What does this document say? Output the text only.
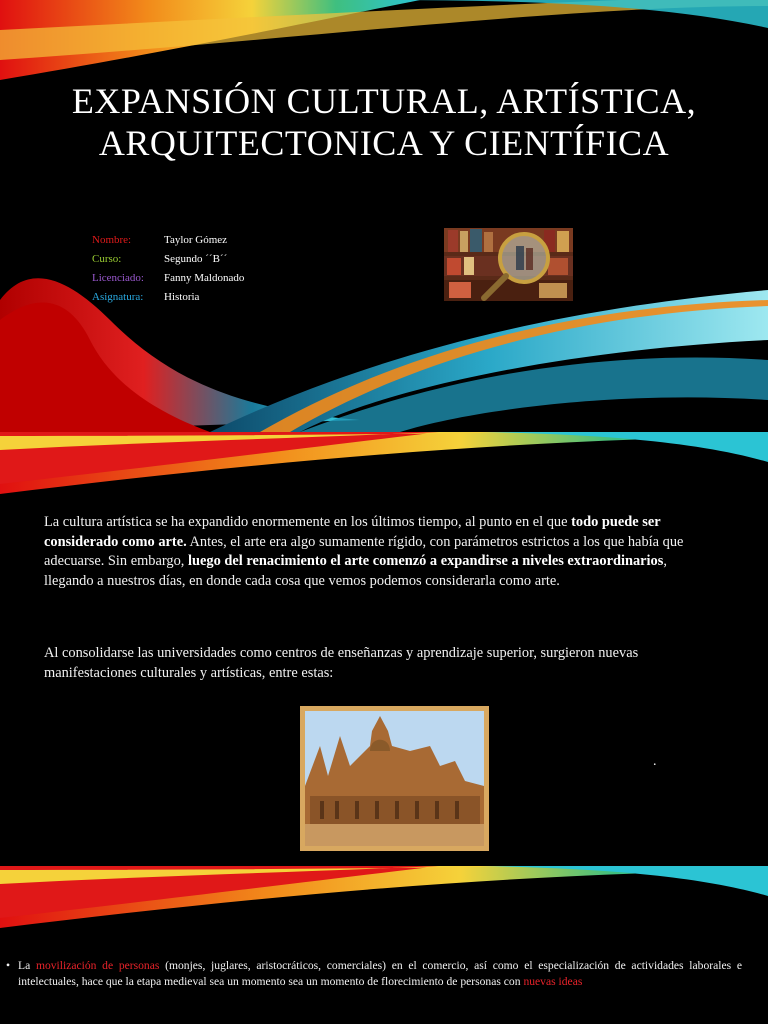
EXPANSIÓN CULTURAL, ARTÍSTICA, ARQUITECTONICA Y CIENTÍFICA
Nombre:	Taylor Gómez
Curso:	Segundo ´´B´´
Licenciado:	Fanny Maldonado
Asignatura:	Historia
La cultura artística se ha expandido enormemente en los últimos tiempo, al punto en el que todo puede ser considerado como arte. Antes, el arte era algo sumamente rígido, con parámetros estrictos a los que había que adecuarse. Sin embargo, luego del renacimiento el arte comenzó a expandirse a niveles extraordinarios, llegando a nuestros días, en donde cada cosa que vemos podemos considerarla como arte.
Al consolidarse las universidades como centros de enseñanzas y aprendizaje superior, surgieron nuevas manifestaciones culturales y artísticas, entre estas:
.
• La movilización de personas (monjes, juglares, aristocráticos, comerciales) en el comercio, así como el especialización de actividades laborales e intelectuales, hace que la etapa medieval sea un momento sea un momento de florecimiento de personas con nuevas ideas
